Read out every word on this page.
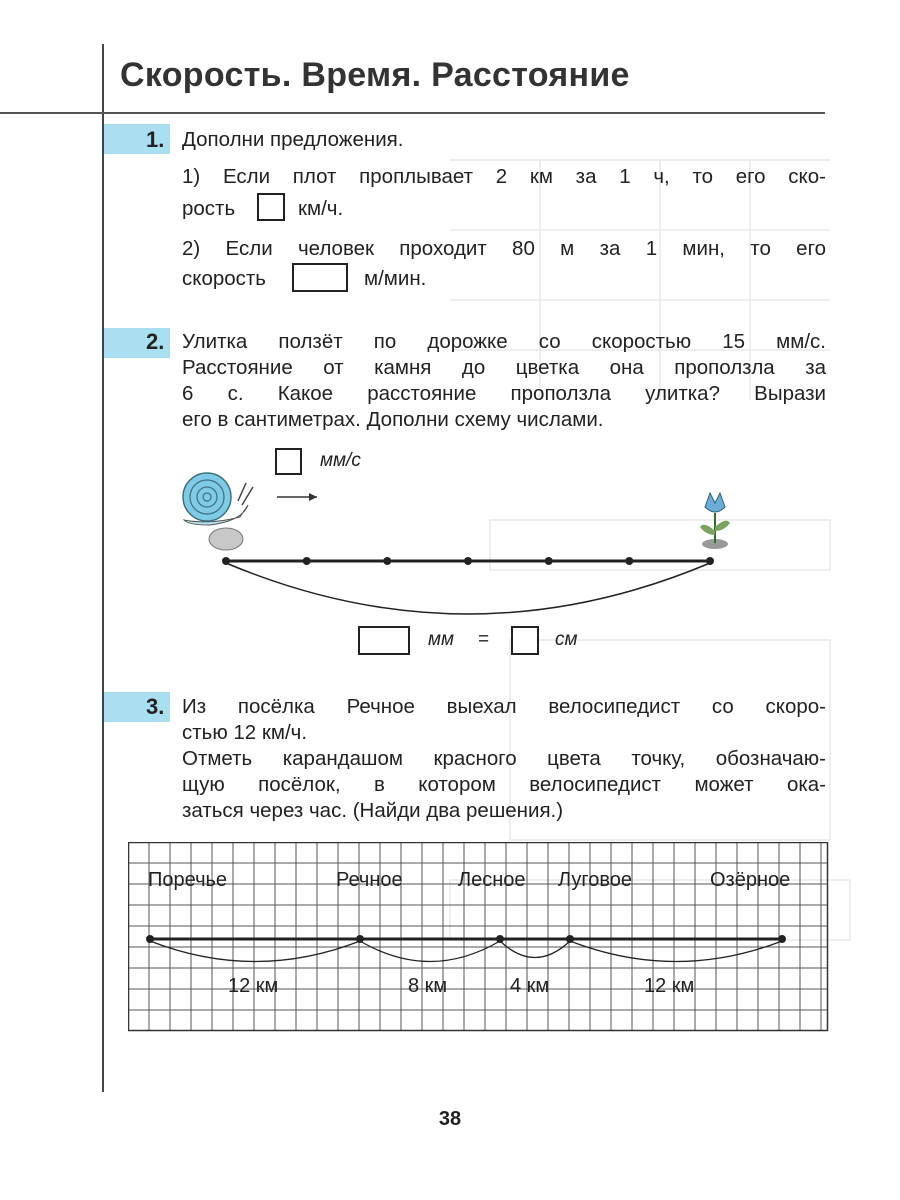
Скорость. Время. Расстояние
1. Дополни предложения.
1) Если плот проплывает 2 км за 1 ч, то его ско-
рость	км/ч.
2) Если человек проходит 80 м за 1 мин, то его
скорость	м/мин.
2. Улитка ползёт по дорожке со скоростью 15 мм/с.
Расстояние от камня до цветка она проползла за
6 с. Какое расстояние проползла улитка? Вырази
его в сантиметрах. Дополни схему числами.
мм/с
мм =	см
3. Из посёлка Речное выехал велосипедист со скоро-
стью 12 км/ч.
Отметь карандашом красного цвета точку, обозначаю-
щую посёлок, в котором велосипедист может ока-
заться через час. (Найди два решения.)
Поречье	Речное	Лесное Луговое	Озёрное
12 км	8 км	4 км	12 км
38
